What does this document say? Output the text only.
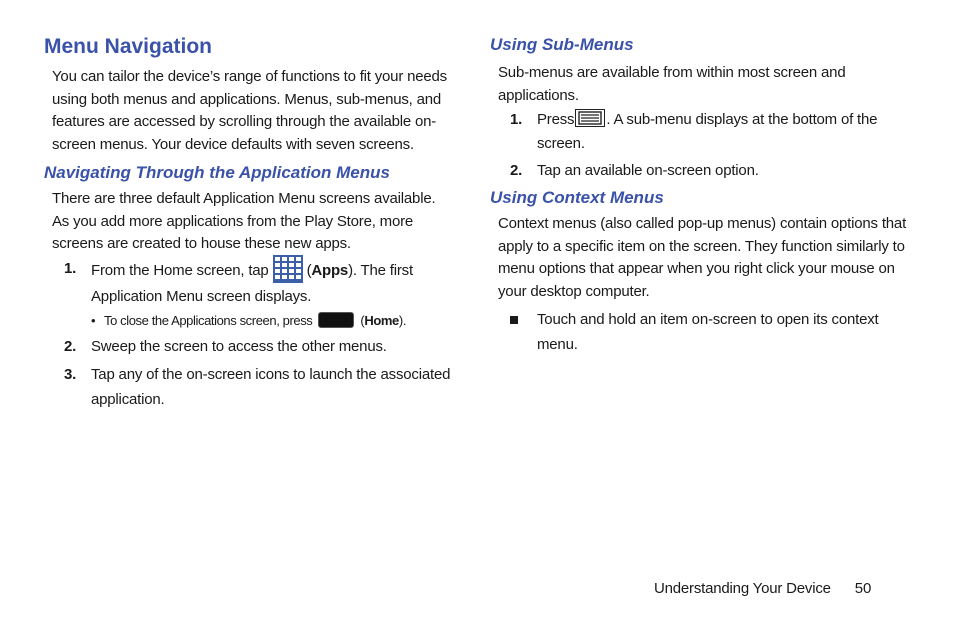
Menu Navigation

You can tailor the device’s range of functions to fit your needs using both menus and applications. Menus, sub-menus, and features are accessed by scrolling through the available on-screen menus. Your device defaults with seven screens.

Navigating Through the Application Menus

There are three default Application Menu screens available. As you add more applications from the Play Store, more screens are created to house these new apps.

1. From the Home screen, tap	(Apps). The first Application Menu screen displays.
• To close the Applications screen, press	(Home).
2. Sweep the screen to access the other menus.
3. Tap any of the on-screen icons to launch the associated application.
Using Sub-Menus

Sub-menus are available from within most screen and applications.

1. Press . A sub-menu displays at the bottom of the screen.
2. Tap an available on-screen option.
Using Context Menus

Context menus (also called pop-up menus) contain options that apply to a specific item on the screen. They function similarly to menu options that appear when you right click your mouse on your desktop computer.

Touch and hold an item on-screen to open its context menu.
Understanding Your Device 50
